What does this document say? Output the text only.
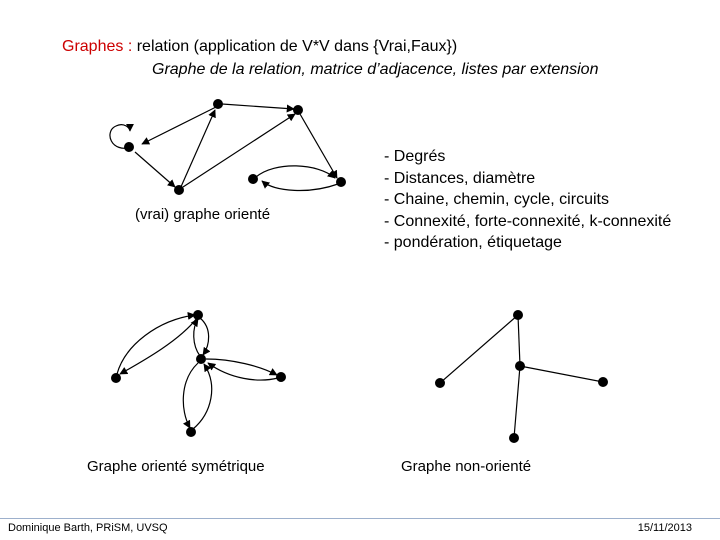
Graphes : relation (application de V*V dans {Vrai,Faux})
Graphe de la relation, matrice d’adjacence, listes par extension
(vrai) graphe orienté
Graphe orienté symétrique	Graphe non-orienté
- Degrés
- Distances, diamètre
- Chaine, chemin, cycle, circuits
- Connexité, forte-connexité, k-connexité
- pondération, étiquetage
Dominique Barth, PRiSM, UVSQ	15/11/2013
